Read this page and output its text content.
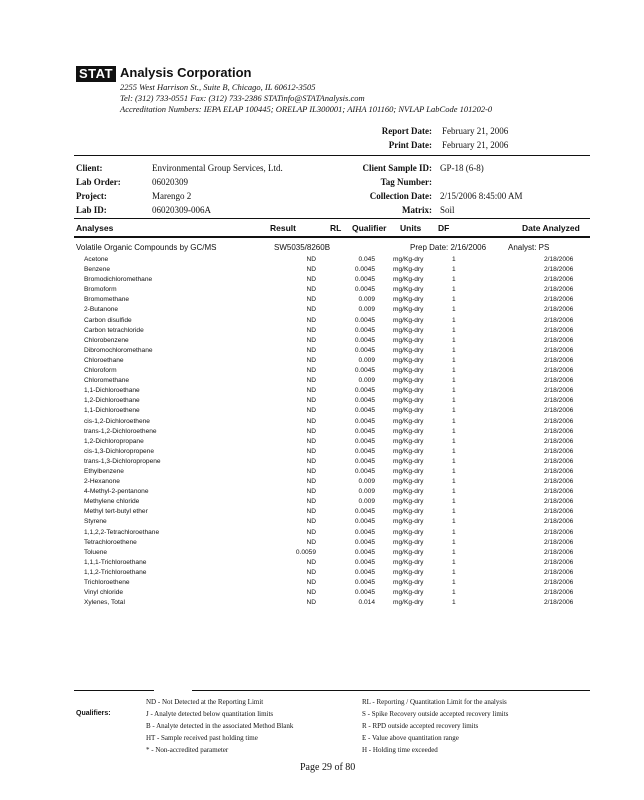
STAT Analysis Corporation
2255 West Harrison St., Suite B, Chicago, IL 60612-3505
Tel: (312) 733-0551 Fax: (312) 733-2386 STATinfo@STATAnalysis.com
Accreditation Numbers: IEPA ELAP 100445; ORELAP IL300001; AIHA 101160; NVLAP LabCode 101202-0
Report Date: February 21, 2006
Print Date: February 21, 2006
Client:	Environmental Group Services, Ltd.
Lab Order:	06020309
Project:	Marengo 2
Lab ID:	06020309-006A
Client Sample ID: GP-18 (6-8)
Tag Number:
Collection Date: 2/15/2006 8:45:00 AM
Matrix: Soil
Analyses	Result	RL Qualifier Units DF	Date Analyzed
Volatile Organic Compounds by GC/MS	SW5035/8260B	Prep Date: 2/16/2006	Analyst: PS
Acetone	ND	0.045	mg/Kg-dry	1	2/18/2006
Benzene	ND	0.0045	mg/Kg-dry	1	2/18/2006
Bromodichloromethane	ND	0.0045	mg/Kg-dry	1	2/18/2006
Bromoform	ND	0.0045	mg/Kg-dry	1	2/18/2006
Bromomethane	ND	0.009	mg/Kg-dry	1	2/18/2006
2-Butanone	ND	0.009	mg/Kg-dry	1	2/18/2006
Carbon disulfide	ND	0.0045	mg/Kg-dry	1	2/18/2006
Carbon tetrachloride	ND	0.0045	mg/Kg-dry	1	2/18/2006
Chlorobenzene	ND	0.0045	mg/Kg-dry	1	2/18/2006
Dibromochloromethane	ND	0.0045	mg/Kg-dry	1	2/18/2006
Chloroethane	ND	0.009	mg/Kg-dry	1	2/18/2006
Chloroform	ND	0.0045	mg/Kg-dry	1	2/18/2006
Chloromethane	ND	0.009	mg/Kg-dry	1	2/18/2006
1,1-Dichloroethane	ND	0.0045	mg/Kg-dry	1	2/18/2006
1,2-Dichloroethane	ND	0.0045	mg/Kg-dry	1	2/18/2006
1,1-Dichloroethene	ND	0.0045	mg/Kg-dry	1	2/18/2006
cis-1,2-Dichloroethene	ND	0.0045	mg/Kg-dry	1	2/18/2006
trans-1,2-Dichloroethene	ND	0.0045	mg/Kg-dry	1	2/18/2006
1,2-Dichloropropane	ND	0.0045	mg/Kg-dry	1	2/18/2006
cis-1,3-Dichloropropene	ND	0.0045	mg/Kg-dry	1	2/18/2006
trans-1,3-Dichloropropene	ND	0.0045	mg/Kg-dry	1	2/18/2006
Ethylbenzene	ND	0.0045	mg/Kg-dry	1	2/18/2006
2-Hexanone	ND	0.009	mg/Kg-dry	1	2/18/2006
4-Methyl-2-pentanone	ND	0.009	mg/Kg-dry	1	2/18/2006
Methylene chloride	ND	0.009	mg/Kg-dry	1	2/18/2006
Methyl tert-butyl ether	ND	0.0045	mg/Kg-dry	1	2/18/2006
Styrene	ND	0.0045	mg/Kg-dry	1	2/18/2006
1,1,2,2-Tetrachloroethane	ND	0.0045	mg/Kg-dry	1	2/18/2006
Tetrachloroethene	ND	0.0045	mg/Kg-dry	1	2/18/2006
Toluene	0.0059	0.0045	mg/Kg-dry	1	2/18/2006
1,1,1-Trichloroethane	ND	0.0045	mg/Kg-dry	1	2/18/2006
1,1,2-Trichloroethane	ND	0.0045	mg/Kg-dry	1	2/18/2006
Trichloroethene	ND	0.0045	mg/Kg-dry	1	2/18/2006
Vinyl chloride	ND	0.0045	mg/Kg-dry	1	2/18/2006
Xylenes, Total	ND	0.014	mg/Kg-dry	1	2/18/2006
Qualifiers:
ND - Not Detected at the Reporting Limit
J - Analyte detected below quantitation limits
B - Analyte detected in the associated Method Blank
HT - Sample received past holding time
* - Non-accredited parameter
RL - Reporting / Quantitation Limit for the analysis
S - Spike Recovery outside accepted recovery limits
R - RPD outside accepted recovery limits
E - Value above quantitation range
H - Holding time exceeded
Page 29 of 80
